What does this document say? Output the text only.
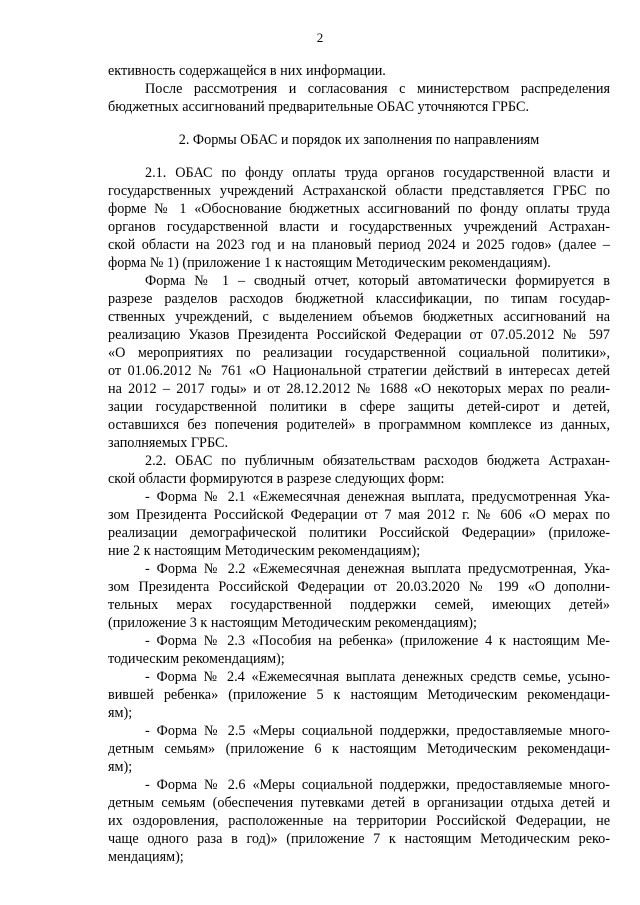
2
ективность содержащейся в них информации.
После рассмотрения и согласования с министерством распределения
бюджетных ассигнований предварительные ОБАС уточняются ГРБС.
2. Формы ОБАС и порядок их заполнения по направлениям
2.1. ОБАС по фонду оплаты труда органов государственной власти и
государственных учреждений Астраханской области представляется ГРБС по
форме № 1 «Обоснование бюджетных ассигнований по фонду оплаты труда
органов государственной власти и государственных учреждений Астрахан-
ской области на 2023 год и на плановый период 2024 и 2025 годов» (далее –
форма № 1) (приложение 1 к настоящим Методическим рекомендациям).
Форма № 1 – сводный отчет, который автоматически формируется в
разрезе разделов расходов бюджетной классификации, по типам государ-
ственных учреждений, с выделением объемов бюджетных ассигнований на
реализацию Указов Президента Российской Федерации от 07.05.2012 № 597
«О мероприятиях по реализации государственной социальной политики»,
от 01.06.2012 № 761 «О Национальной стратегии действий в интересах детей
на 2012 – 2017 годы» и от 28.12.2012 № 1688 «О некоторых мерах по реали-
зации государственной политики в сфере защиты детей-сирот и детей,
оставшихся без попечения родителей» в программном комплексе из данных,
заполняемых ГРБС.
2.2. ОБАС по публичным обязательствам расходов бюджета Астрахан-
ской области формируются в разрезе следующих форм:
- Форма № 2.1 «Ежемесячная денежная выплата, предусмотренная Ука-
зом Президента Российской Федерации от 7 мая 2012 г. № 606 «О мерах по
реализации демографической политики Российской Федерации» (приложе-
ние 2 к настоящим Методическим рекомендациям);
- Форма № 2.2 «Ежемесячная денежная выплата предусмотренная, Ука-
зом Президента Российской Федерации от 20.03.2020 № 199 «О дополни-
тельных мерах государственной поддержки семей, имеющих детей»
(приложение 3 к настоящим Методическим рекомендациям);
- Форма № 2.3 «Пособия на ребенка» (приложение 4 к настоящим Ме-
тодическим рекомендациям);
- Форма № 2.4 «Ежемесячная выплата денежных средств семье, усыно-
вившей ребенка» (приложение 5 к настоящим Методическим рекомендаци-
ям);
- Форма № 2.5 «Меры социальной поддержки, предоставляемые много-
детным семьям» (приложение 6 к настоящим Методическим рекомендаци-
ям);
- Форма № 2.6 «Меры социальной поддержки, предоставляемые много-
детным семьям (обеспечения путевками детей в организации отдыха детей и
их оздоровления, расположенные на территории Российской Федерации, не
чаще одного раза в год)» (приложение 7 к настоящим Методическим реко-
мендациям);
